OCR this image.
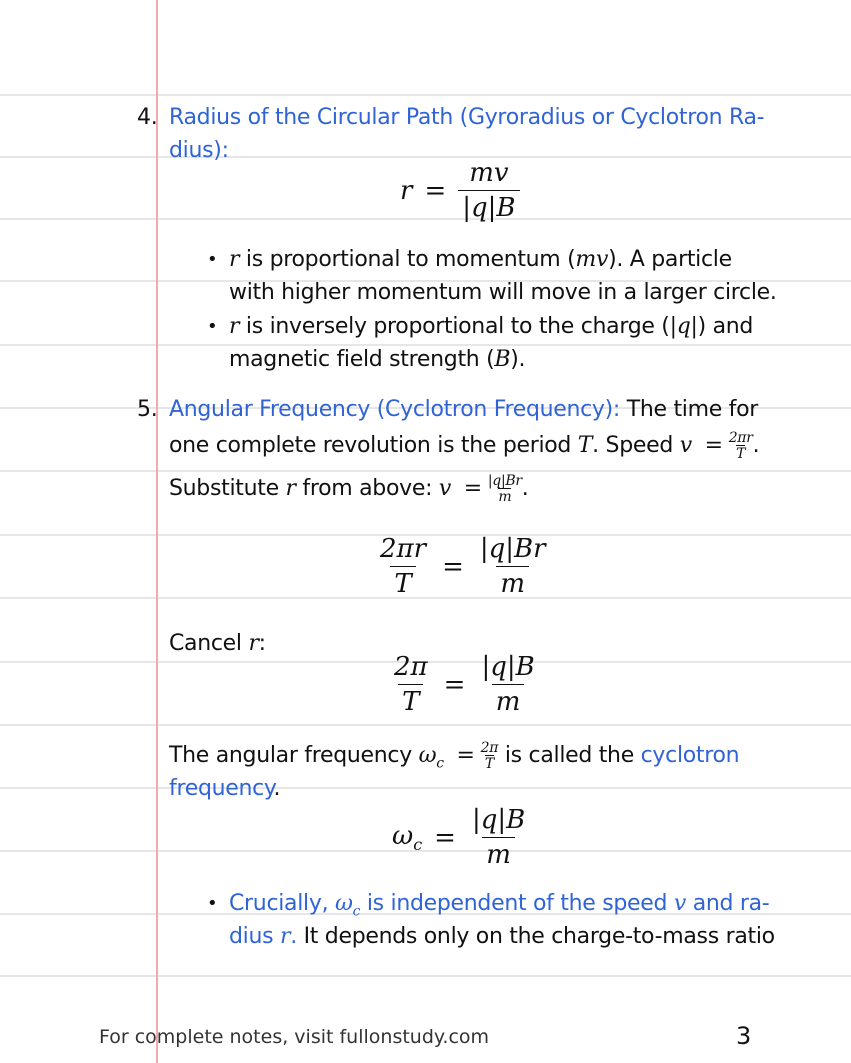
4. Radius of the Circular Path (Gyroradius or Cyclotron Ra-
dius):
$r = \frac{mv}{|q|B}$
• r is proportional to momentum (mv). A particle
with higher momentum will move in a larger circle.
• r is inversely proportional to the charge (|q|) and
magnetic field strength (B).
5. Angular Frequency (Cyclotron Frequency): The time for
one complete revolution is the period T. Speed $v = \frac{2\pi r}{T}$ .
Substitute r from above: $v = \frac{|q|Br}{m}$ .
$\frac{2\pi r}{T} = \frac{|q|Br}{m}$
Cancel r:
$\frac{2\pi}{T} = \frac{|q|B}{m}$
The angular frequency $\omega_c = \frac{2\pi}{T}$ is called the cyclotron
frequency.
$\omega_c = \frac{|q|B}{m}$
• Crucially, $\omega_c$ is independent of the speed v and ra-
dius r. It depends only on the charge-to-mass ratio
For complete notes, visit fullonstudy.com	3
